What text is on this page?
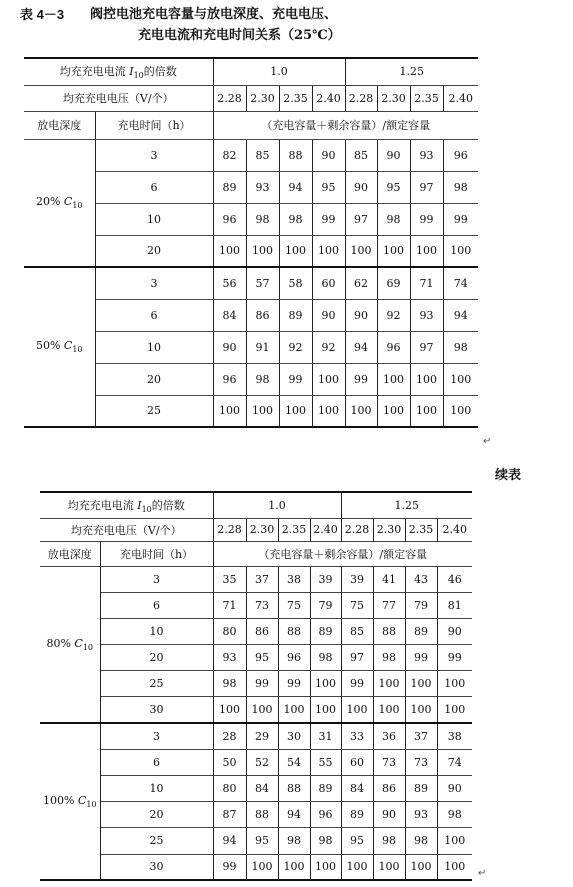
表 4－3	阀控电池充电容量与放电深度、充电电压、
充电电流和充电时间关系（25℃）
均充充电电流 $I_{10}$的倍数		1.0				1.25			
均充充电电压（V/个）		2.28	2.30	2.35	2.40	2.28	2.30	2.35	2.40
放电深度	充电时间（h）	（充电容量＋剩余容量）/额定容量							
20% $C_{10}$	3	82	85	88	90	85	90	93	96
	6	89	93	94	95	90	95	97	98
	10	96	98	98	99	97	98	99	99
	20	100	100	100	100	100	100	100	100
50% $C_{10}$	3	56	57	58	60	62	69	71	74
	6	84	86	89	90	90	92	93	94
	10	90	91	92	92	94	96	97	98
	20	96	98	99	100	99	100	100	100
	25	100	100	100	100	100	100	100	100
↵
续表
均充充电电流 $I_{10}$的倍数		1.0				1.25			
均充充电电压（V/个）		2.28	2.30	2.35	2.40	2.28	2.30	2.35	2.40
放电深度	充电时间（h）	（充电容量＋剩余容量）/额定容量							
80% $C_{10}$	3	35	37	38	39	39	41	43	46
	6	71	73	75	79	75	77	79	81
	10	80	86	88	89	85	88	89	90
	20	93	95	96	98	97	98	99	99
	25	98	99	99	100	99	100	100	100
	30	100	100	100	100	100	100	100	100
100% $C_{10}$	3	28	29	30	31	33	36	37	38
	6	50	52	54	55	60	73	73	74
	10	80	84	88	89	84	86	89	90
	20	87	88	94	96	89	90	93	98
	25	94	95	98	98	95	98	98	100
	30	99	100	100	100	100	100	100	100
↵
